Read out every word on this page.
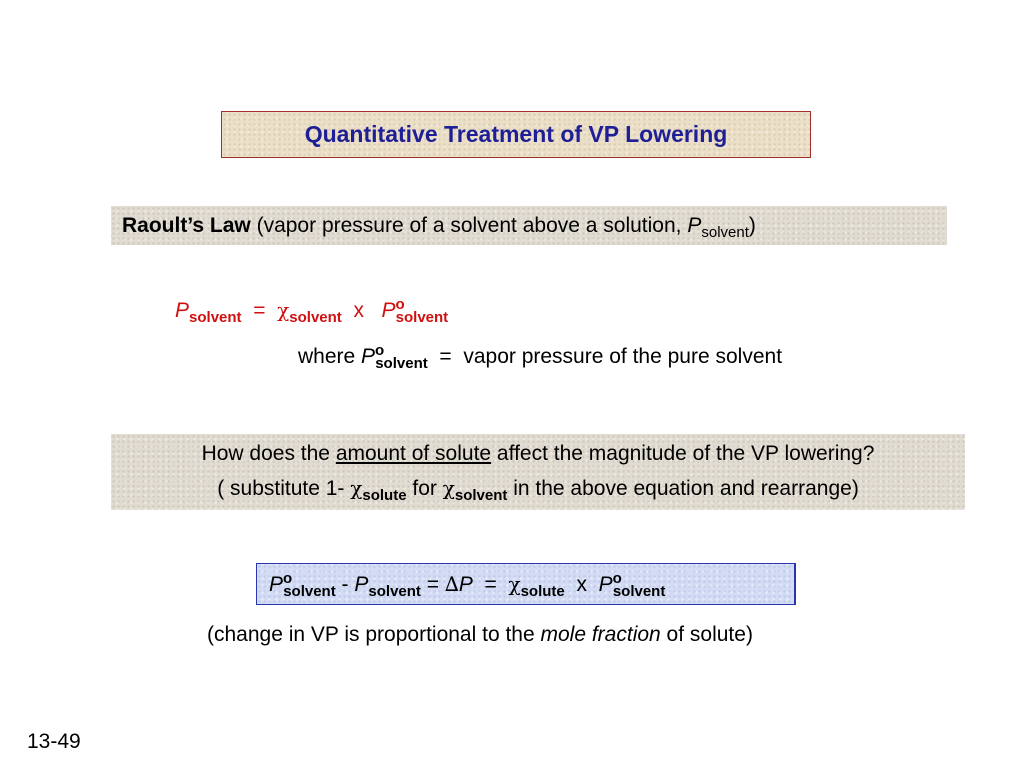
Quantitative Treatment of VP Lowering
Raoult’s Law (vapor pressure of a solvent above a solution, $P_{solvent}$)
$P_{solvent} = \chi_{solvent}$ x $P^o_{solvent}$
where $P^o_{solvent}$ = vapor pressure of the pure solvent
How does the amount of solute affect the magnitude of the VP lowering?
( substitute 1- $\chi_{solute}$ for $\chi_{solvent}$ in the above equation and rearrange)
$P^o_{solvent} - P_{solvent} = \Delta P = \chi_{solute}$ x $P^o_{solvent}$
(change in VP is proportional to the mole fraction of solute)
13-49
